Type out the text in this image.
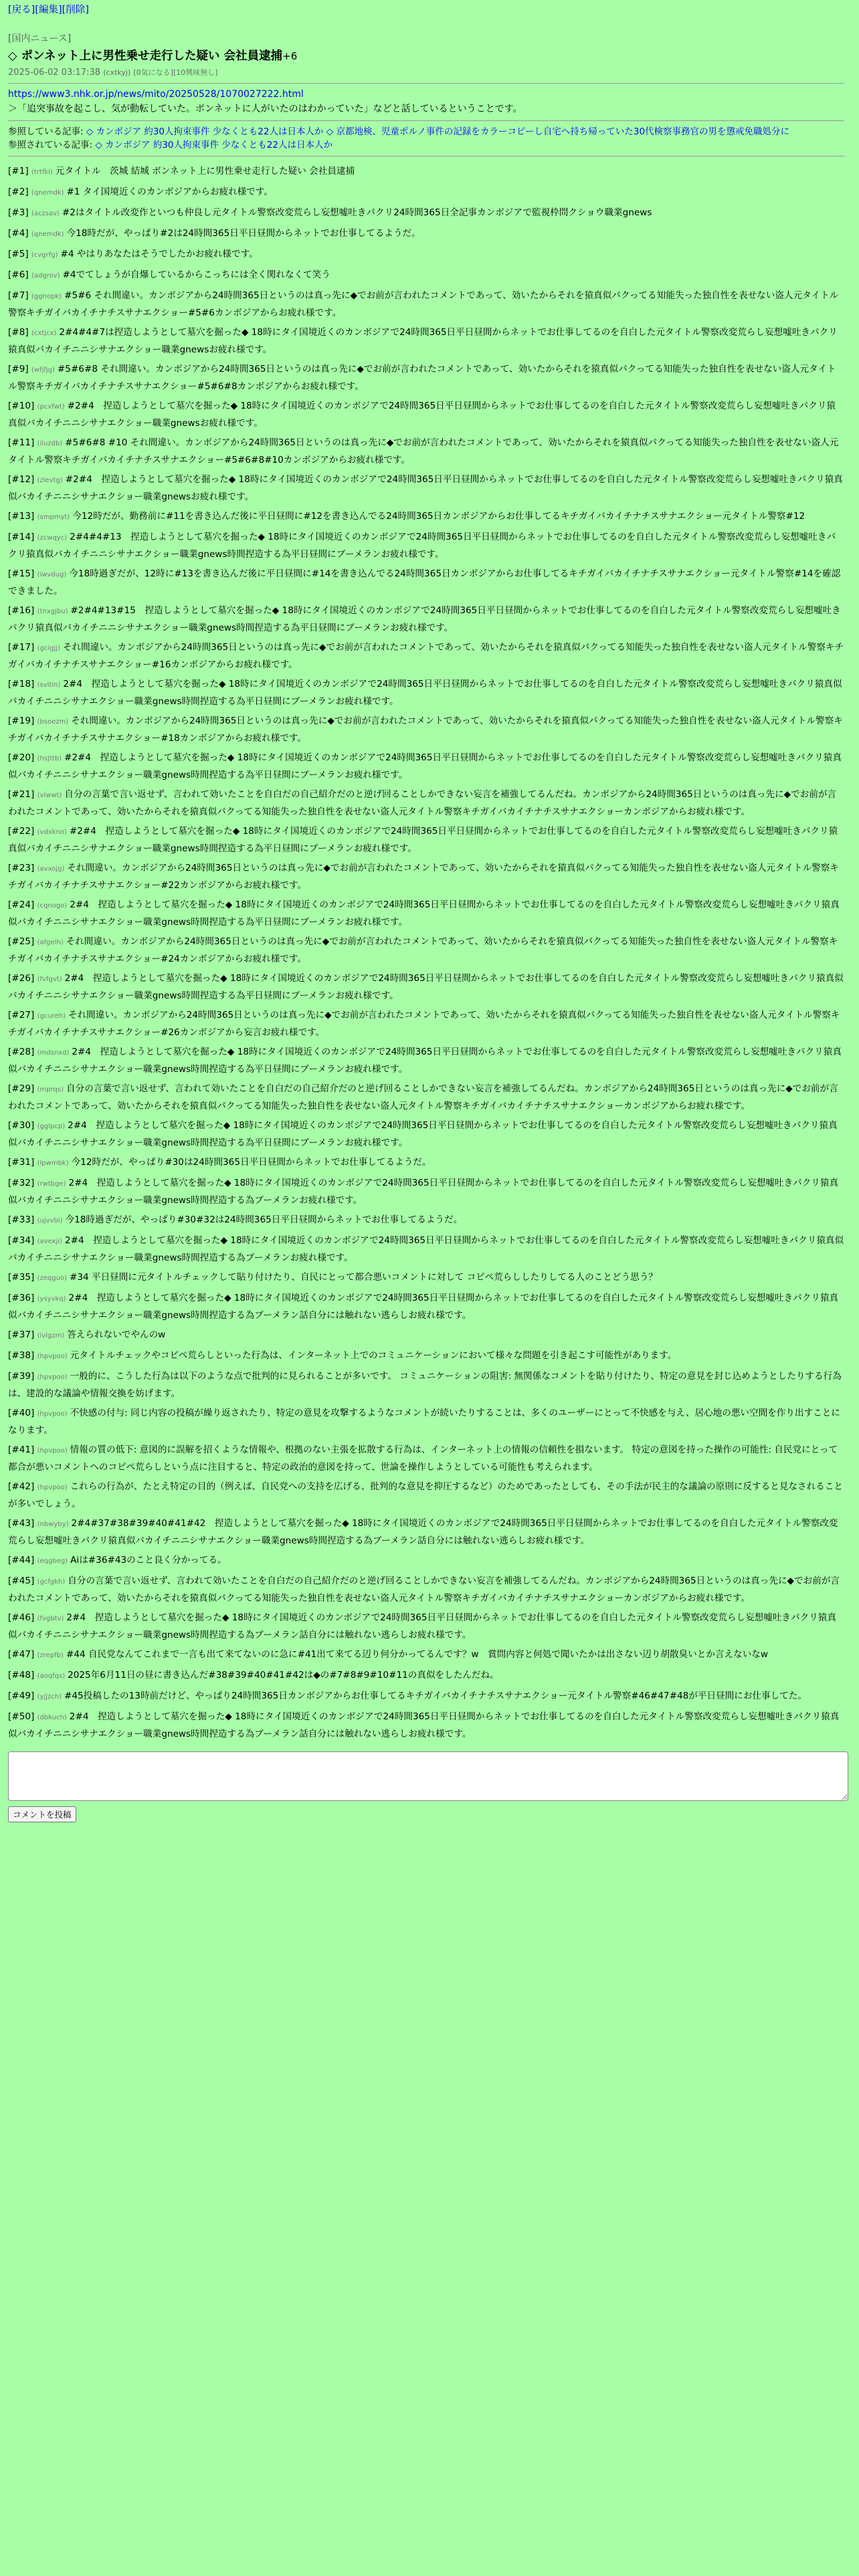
[戻る][編集][削除]
[国内ニュース]
◇ ポンネット上に男性乗せ走行した疑い 会社員逮捕+6
2025-06-02 03:17:38 (cxtkyj) [0気になる][10興味無し]
https://www3.nhk.or.jp/news/mito/20250528/1070027222.html
＞「追突事故を起こし、気が動転していた。ボンネットに人がいたのはわかっていた」などと話しているということです。
参照している記事: ◇ カンボジア 約30人拘束事件 少なくとも22人は日本人か ◇ 京都地検、児童ポルノ事件の記録をカラーコピーし自宅へ持ち帰っていた30代検察事務官の男を懲戒免職処分に
参照されている記事: ◇ カンボジア 約30人拘束事件 少なくとも22人は日本人か
[#1] (trtfki) 元タイトル　茨城 結城 ボンネット上に男性乗せ走行した疑い 会社員逮捕
[#2] (qnemdk) #1 タイ国境近くのカンボジアからお疲れ様です。
[#3] (aczsav) #2はタイトル改変作といつも仲良し元タイトル警察改変荒らし妄想嘘吐きパクリ24時間365日全記事カンボジアで監視枠問クショウ職業gnews
[#4] (qnemdk) 今18時だが、やっぱり#2は24時間365日平日昼間からネットでお仕事してるようだ。
[#5] (cvgrfg) #4 やはりあなたはそうでしたかお疲れ様です。
[#6] (adgrov) #4でてしょうが自爆しているからこっちには全く関れなくて笑う
[#7] (ggnopk) #5#6 それ間違い。カンボジアから24時間365日というのは真っ先に◆でお前が言われたコメントであって、効いたからそれを猿真似パクってる知能失った独自性を表せない盗人元タイトル警察キチガイバカイチナチスサナエクショー#5#6カンボジアからお疲れ様です。
[#8] (cxtjcx) 2#4#4#7は捏造しようとして墓穴を掘った◆ 18時にタイ国境近くのカンボジアで24時間365日平日昼間からネットでお仕事してるのを自白した元タイトル警察改変荒らし妄想嘘吐きパクリ猿真似バカイチニニシサナエクショー職業gnewsお疲れ様です。
[#9] (wfjfjg) #5#6#8 それ間違い。カンボジアから24時間365日というのは真っ先に◆でお前が言われたコメントであって、効いたからそれを猿真似パクってる知能失った独自性を表せない盗人元タイトル警察キチガイバカイチナチスサナエクショー#5#6#8カンボジアからお疲れ様です。
[#10] (pcxfwt) #2#4　捏造しようとして墓穴を掘った◆ 18時にタイ国境近くのカンボジアで24時間365日平日昼間からネットでお仕事してるのを自白した元タイトル警察改変荒らし妄想嘘吐きパクリ猿真似バカイチニニシサナエクショー職業gnewsお疲れ様です。
[#11] (iluzdb) #5#6#8 #10 それ間違い。カンボジアから24時間365日というのは真っ先に◆でお前が言われたコメントであって、効いたからそれを猿真似パクってる知能失った独自性を表せない盗人元タイトル警察キチガイバカイチナチスサナエクショー#5#6#8#10カンボジアからお疲れ様です。
[#12] (zlevtg) #2#4　捏造しようとして墓穴を掘った◆ 18時にタイ国境近くのカンボジアで24時間365日平日昼間からネットでお仕事してるのを自白した元タイトル警察改変荒らし妄想嘘吐きパクリ猿真似バカイチニニシサナエクショー職業gnewsお疲れ様です。
[#13] (smpmyt) 今12時だが、勤務前に#11を書き込んだ後に平日昼間に#12を書き込んでる24時間365日カンボジアからお仕事してるキチガイバカイチナチスサナエクショー元タイトル警察#12
[#14] (zcwqyc) 2#4#4#13　捏造しようとして墓穴を掘った◆ 18時にタイ国境近くのカンボジアで24時間365日平日昼間からネットでお仕事してるのを自白した元タイトル警察改変荒らし妄想嘘吐きパクリ猿真似バカイチニニシサナエクショー職業gnews時間捏造する為平日昼間にブーメランお疲れ様です。
[#15] (iwvdug) 今18時過ぎだが、12時に#13を書き込んだ後に平日昼間に#14を書き込んでる24時間365日カンボジアからお仕事してるキチガイバカイチナチスサナエクショー元タイトル警察#14を確認できました。
[#16] (tnxgjbu) #2#4#13#15　捏造しようとして墓穴を掘った◆ 18時にタイ国境近くのカンボジアで24時間365日平日昼間からネットでお仕事してるのを自白した元タイトル警察改変荒らし妄想嘘吐きパクリ猿真似バカイチニニシサナエクショー職業gnews時間捏造する為平日昼間にブーメランお疲れ様です。
[#17] (gcigjj) それ間違い。カンボジアから24時間365日というのは真っ先に◆でお前が言われたコメントであって、効いたからそれを猿真似パクってる知能失った独自性を表せない盗人元タイトル警察キチガイバカイチナチスサナエクショー#16カンボジアからお疲れ様です。
[#18] (svitln) 2#4　捏造しようとして墓穴を掘った◆ 18時にタイ国境近くのカンボジアで24時間365日平日昼間からネットでお仕事してるのを自白した元タイトル警察改変荒らし妄想嘘吐きパクリ猿真似バカイチニニシサナエクショー職業gnews時間捏造する為平日昼間にブーメランお疲れ様です。
[#19] (bsoezm) それ間違い。カンボジアから24時間365日というのは真っ先に◆でお前が言われたコメントであって、効いたからそれを猿真似パクってる知能失った独自性を表せない盗人元タイトル警察キチガイバカイチナチスサナエクショー#18カンボジアからお疲れ様です。
[#20] (hsjttb) #2#4　捏造しようとして墓穴を掘った◆ 18時にタイ国境近くのカンボジアで24時間365日平日昼間からネットでお仕事してるのを自白した元タイトル警察改変荒らし妄想嘘吐きパクリ猿真似バカイチニニシサナエクショー職業gnews時間捏造する為平日昼間にブーメランお疲れ様です。
[#21] (vlwwt) 自分の言葉で言い返せず、言われて効いたことを自白だの自己紹介だのと逆げ回ることしかできない妄言を補強してるんだね。カンボジアから24時間365日というのは真っ先に◆でお前が言われたコメントであって、効いたからそれを猿真似パクってる知能失った独自性を表せない盗人元タイトル警察キチガイバカイチナチスサナエクショーカンボジアからお疲れ様です。
[#22] (vdxkno) #2#4　捏造しようとして墓穴を掘った◆ 18時にタイ国境近くのカンボジアで24時間365日平日昼間からネットでお仕事してるのを自白した元タイトル警察改変荒らし妄想嘘吐きパクリ猿真似バカイチニニシサナエクショー職業gnews時間捏造する為平日昼間にブーメランお疲れ様です。
[#23] (avxojg) それ間違い。カンボジアから24時間365日というのは真っ先に◆でお前が言われたコメントであって、効いたからそれを猿真似パクってる知能失った独自性を表せない盗人元タイトル警察キチガイバカイチナチスサナエクショー#22カンボジアからお疲れ様です。
[#24] (cqnogo) 2#4　捏造しようとして墓穴を掘った◆ 18時にタイ国境近くのカンボジアで24時間365日平日昼間からネットでお仕事してるのを自白した元タイトル警察改変荒らし妄想嘘吐きパクリ猿真似バカイチニニシサナエクショー職業gnews時間捏造する為平日昼間にブーメランお疲れ様です。
[#25] (afgelh) それ間違い。カンボジアから24時間365日というのは真っ先に◆でお前が言われたコメントであって、効いたからそれを猿真似パクってる知能失った独自性を表せない盗人元タイトル警察キチガイバカイチナチスサナエクショー#24カンボジアからお疲れ様です。
[#26] (fvfgvt) 2#4　捏造しようとして墓穴を掘った◆ 18時にタイ国境近くのカンボジアで24時間365日平日昼間からネットでお仕事してるのを自白した元タイトル警察改変荒らし妄想嘘吐きパクリ猿真似バカイチニニシサナエクショー職業gnews時間捏造する為平日昼間にブーメランお疲れ様です。
[#27] (gcureh) それ間違い。カンボジアから24時間365日というのは真っ先に◆でお前が言われたコメントであって、効いたからそれを猿真似パクってる知能失った独自性を表せない盗人元タイトル警察キチガイバカイチナチスサナエクショー#26カンボジアから妄言お疲れ様です。
[#28] (mdsnxd) 2#4　捏造しようとして墓穴を掘った◆ 18時にタイ国境近くのカンボジアで24時間365日平日昼間からネットでお仕事してるのを自白した元タイトル警察改変荒らし妄想嘘吐きパクリ猿真似バカイチニニシサナエクショー職業gnews時間捏造する為平日昼間にブーメランお疲れ様です。
[#29] (mprqs) 自分の言葉で言い返せず、言われて効いたことを自白だの自己紹介だのと逆げ回ることしかできない妄言を補強してるんだね。カンボジアから24時間365日というのは真っ先に◆でお前が言われたコメントであって、効いたからそれを猿真似パクってる知能失った独自性を表せない盗人元タイトル警察キチガイバカイチナチスサナエクショーカンボジアからお疲れ様です。
[#30] (gglpcp) 2#4　捏造しようとして墓穴を掘った◆ 18時にタイ国境近くのカンボジアで24時間365日平日昼間からネットでお仕事してるのを自白した元タイトル警察改変荒らし妄想嘘吐きパクリ猿真似バカイチニニシサナエクショー職業gnews時間捏造する為平日昼間にブーメランお疲れ様です。
[#31] (lpwmbk) 今12時だが、やっぱり#30は24時間365日平日昼間からネットでお仕事してるようだ。
[#32] (rwtbge) 2#4　捏造しようとして墓穴を掘った◆ 18時にタイ国境近くのカンボジアで24時間365日平日昼間からネットでお仕事してるのを自白した元タイトル警察改変荒らし妄想嘘吐きパクリ猿真似バカイチニニシサナエクショー職業gnews時間捏造する為ブーメランお疲れ様です。
[#33] (ujvvbi) 今18時過ぎだが、やっぱり#30#32は24時間365日平日昼間からネットでお仕事してるようだ。
[#34] (avexji) 2#4　捏造しようとして墓穴を掘った◆ 18時にタイ国境近くのカンボジアで24時間365日平日昼間からネットでお仕事してるのを自白した元タイトル警察改変荒らし妄想嘘吐きパクリ猿真似バカイチニニシサナエクショー職業gnews時間捏造する為ブーメランお疲れ様です。
[#35] (zeqguo) #34 平日昼間に元タイトルチェックして貼り付けたり、自民にとって都合悪いコメントに対して コピペ荒らししたりしてる人のことどう思う？
[#36] (ysyvkq) 2#4　捏造しようとして墓穴を掘った◆ 18時にタイ国境近くのカンボジアで24時間365日平日昼間からネットでお仕事してるのを自白した元タイトル警察改変荒らし妄想嘘吐きパクリ猿真似バカイチニニシサナエクショー職業gnews時間捏造する為ブーメラン話自分には触れない逃らしお疲れ様です。
[#37] (ivlgzm) 答えられないでやんのw
[#38] (hpvpoo) 元タイトルチェックやコピペ荒らしといった行為は、インターネット上でのコミュニケーションにおいて様々な問題を引き起こす可能性があります。
[#39] (hpvpoo) 一般的に、こうした行為は以下のような点で批判的に見られることが多いです。 コミュニケーションの阻害: 無関係なコメントを貼り付けたり、特定の意見を封じ込めようとしたりする行為は、建設的な議論や情報交換を妨げます。
[#40] (hpvpoo) 不快感の付与: 同じ内容の投稿が繰り返されたり、特定の意見を攻撃するようなコメントが続いたりすることは、多くのユーザーにとって不快感を与え、居心地の悪い空間を作り出すことになります。
[#41] (hpvpoo) 情報の質の低下: 意図的に誤解を招くような情報や、根拠のない主張を拡散する行為は、インターネット上の情報の信頼性を損ないます。 特定の意図を持った操作の可能性: 自民党にとって都合が悪いコメントへのコピペ荒らしという点に注目すると、特定の政治的意図を持って、世論を操作しようとしている可能性も考えられます。
[#42] (hpvpoo) これらの行為が、たとえ特定の目的（例えば、自民党への支持を広げる、批判的な意見を抑圧するなど）のためであったとしても、その手法が民主的な議論の原則に反すると見なされることが多いでしょう。
[#43] (nbwyby) 2#4#37#38#39#40#41#42　捏造しようとして墓穴を掘った◆ 18時にタイ国境近くのカンボジアで24時間365日平日昼間からネットでお仕事してるのを自白した元タイトル警察改変荒らし妄想嘘吐きパクリ猿真似バカイチニニシサナエクショー職業gnews時間捏造する為ブーメラン話自分には触れない逃らしお疲れ様です。
[#44] (eqgbeg) Aiは#36#43のこと良く分かってる。
[#45] (gcfgkh) 自分の言葉で言い返せず、言われて効いたことを自白だの自己紹介だのと逆げ回ることしかできない妄言を補強してるんだね。カンボジアから24時間365日というのは真っ先に◆でお前が言われたコメントであって、効いたからそれを猿真似パクってる知能失った独自性を表せない盗人元タイトル警察キチガイバカイチナチスサナエクショーカンボジアからお疲れ様です。
[#46] (fvgbtv) 2#4　捏造しようとして墓穴を掘った◆ 18時にタイ国境近くのカンボジアで24時間365日平日昼間からネットでお仕事してるのを自白した元タイトル警察改変荒らし妄想嘘吐きパクリ猿真似バカイチニニシサナエクショー職業gnews時間捏造する為ブーメラン話自分には触れない逃らしお疲れ様です。
[#47] (zrepfb) #44 自民党なんてこれまで一言も出て来てないのに急に#41出て来てる辺り何分かってるんです？w　賞問内容と何処で聞いたかは出さない辺り胡散臭いとか言えないなw
[#48] (aoqfqs) 2025年6月11日の昼に書き込んだ#38#39#40#41#42は◆の#7#8#9#10#11の真似をしたんだね。
[#49] (yjjzch) #45投稿したの13時前だけど、やっぱり24時間365日カンボジアからお仕事してるキチガイバカイチナチスサナエクショー元タイトル警察#46#47#48が平日昼間にお仕事してた。
[#50] (dbkuch) 2#4　捏造しようとして墓穴を掘った◆ 18時にタイ国境近くのカンボジアで24時間365日平日昼間からネットでお仕事してるのを自白した元タイトル警察改変荒らし妄想嘘吐きパクリ猿真似バカイチニニシサナエクショー職業gnews時間捏造する為ブーメラン話自分には触れない逃らしお疲れ様です。
コメントを投稿
